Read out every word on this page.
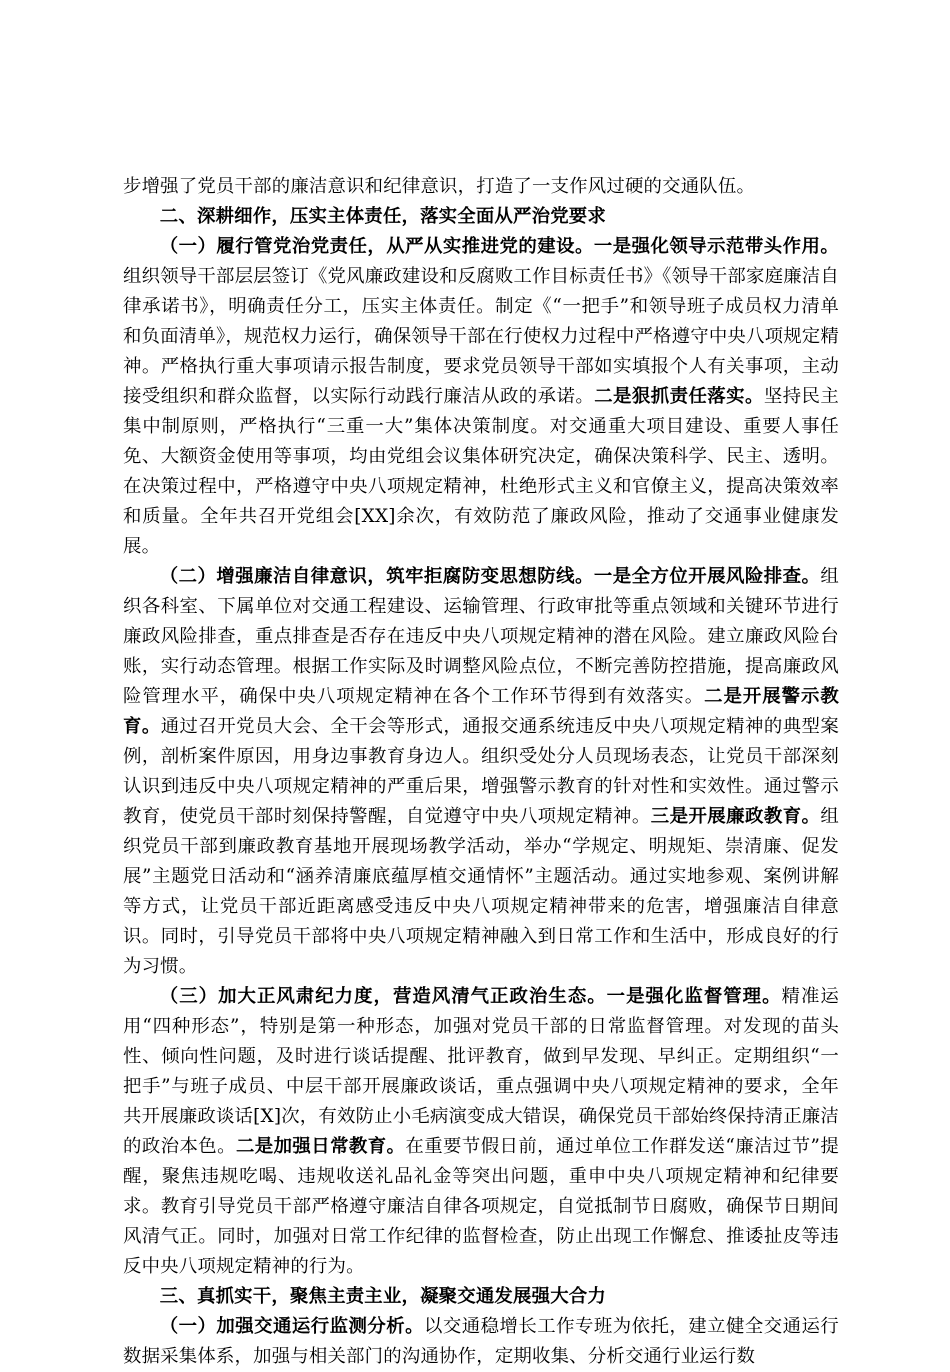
步增强了党员干部的廉洁意识和纪律意识，打造了一支作风过硬的交通队伍。

二、深耕细作，压实主体责任，落实全面从严治党要求

（一）履行管党治党责任，从严从实推进党的建设。一是强化领导示范带头作用。组织领导干部层层签订《党风廉政建设和反腐败工作目标责任书》《领导干部家庭廉洁自律承诺书》，明确责任分工，压实主体责任。制定《“一把手”和领导班子成员权力清单和负面清单》，规范权力运行，确保领导干部在行使权力过程中严格遵守中央八项规定精神。严格执行重大事项请示报告制度，要求党员领导干部如实填报个人有关事项，主动接受组织和群众监督，以实际行动践行廉洁从政的承诺。二是狠抓责任落实。坚持民主集中制原则，严格执行“三重一大”集体决策制度。对交通重大项目建设、重要人事任免、大额资金使用等事项，均由党组会议集体研究决定，确保决策科学、民主、透明。在决策过程中，严格遵守中央八项规定精神，杜绝形式主义和官僚主义，提高决策效率和质量。全年共召开党组会[XX]余次，有效防范了廉政风险，推动了交通事业健康发展。

（二）增强廉洁自律意识，筑牢拒腐防变思想防线。一是全方位开展风险排查。组织各科室、下属单位对交通工程建设、运输管理、行政审批等重点领域和关键环节进行廉政风险排查，重点排查是否存在违反中央八项规定精神的潜在风险。建立廉政风险台账，实行动态管理。根据工作实际及时调整风险点位，不断完善防控措施，提高廉政风险管理水平，确保中央八项规定精神在各个工作环节得到有效落实。二是开展警示教育。通过召开党员大会、全干会等形式，通报交通系统违反中央八项规定精神的典型案例，剖析案件原因，用身边事教育身边人。组织受处分人员现场表态，让党员干部深刻认识到违反中央八项规定精神的严重后果，增强警示教育的针对性和实效性。通过警示教育，使党员干部时刻保持警醒，自觉遵守中央八项规定精神。三是开展廉政教育。组织党员干部到廉政教育基地开展现场教学活动，举办“学规定、明规矩、崇清廉、促发展”主题党日活动和“涵养清廉底蕴厚植交通情怀”主题活动。通过实地参观、案例讲解等方式，让党员干部近距离感受违反中央八项规定精神带来的危害，增强廉洁自律意识。同时，引导党员干部将中央八项规定精神融入到日常工作和生活中，形成良好的行为习惯。

（三）加大正风肃纪力度，营造风清气正政治生态。一是强化监督管理。精准运用“四种形态”，特别是第一种形态，加强对党员干部的日常监督管理。对发现的苗头性、倾向性问题，及时进行谈话提醒、批评教育，做到早发现、早纠正。定期组织“一把手”与班子成员、中层干部开展廉政谈话，重点强调中央八项规定精神的要求，全年共开展廉政谈话[X]次，有效防止小毛病演变成大错误，确保党员干部始终保持清正廉洁的政治本色。二是加强日常教育。在重要节假日前，通过单位工作群发送“廉洁过节”提醒，聚焦违规吃喝、违规收送礼品礼金等突出问题，重申中央八项规定精神和纪律要求。教育引导党员干部严格遵守廉洁自律各项规定，自觉抵制节日腐败，确保节日期间风清气正。同时，加强对日常工作纪律的监督检查，防止出现工作懈怠、推诿扯皮等违反中央八项规定精神的行为。

三、真抓实干，聚焦主责主业，凝聚交通发展强大合力

（一）加强交通运行监测分析。以交通稳增长工作专班为依托，建立健全交通运行数据采集体系，加强与相关部门的沟通协作，定期收集、分析交通行业运行数
